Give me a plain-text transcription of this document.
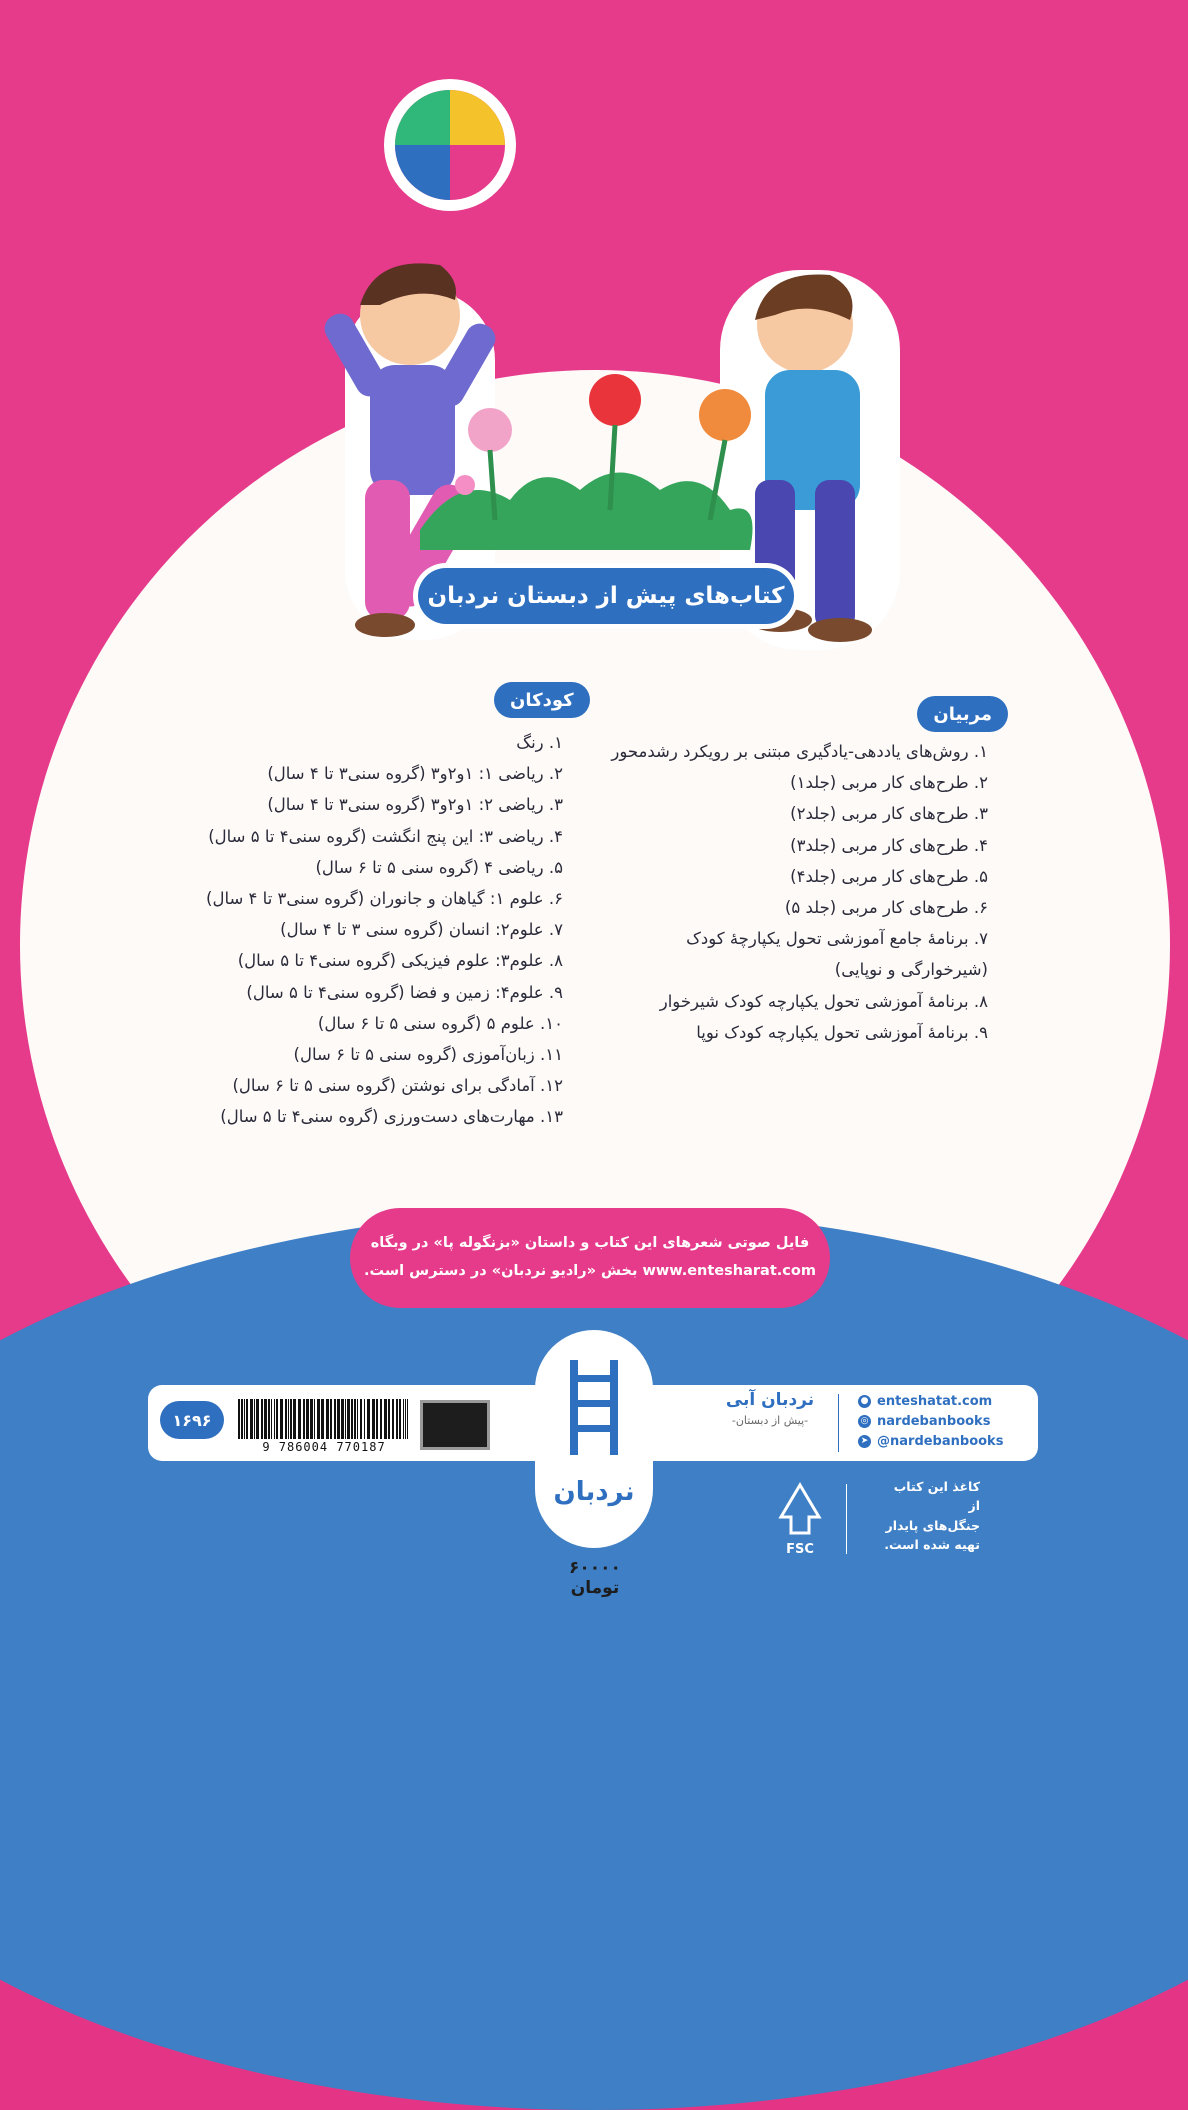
کتاب‌های پیش از دبستان نردبان
مربیان
۱. روش‌های یاددهی-یادگیری مبتنی بر رویکرد رشدمحور
۲. طرح‌های کار مربی (جلد۱)
۳. طرح‌های کار مربی (جلد۲)
۴. طرح‌های کار مربی (جلد۳)
۵. طرح‌های کار مربی (جلد۴)
۶. طرح‌های کار مربی (جلد ۵)
۷. برنامهٔ جامع آموزشی تحول یکپارچهٔ کودک
(شیرخوارگی و نوپایی)
۸. برنامهٔ آموزشی تحول یکپارچه کودک شیرخوار
۹. برنامهٔ آموزشی تحول یکپارچه کودک نوپا
کودکان
۱. رنگ
۲. ریاضی ۱: ۱و۲و۳ (گروه سنی۳ تا ۴ سال)
۳. ریاضی ۲: ۱و۲و۳ (گروه سنی۳ تا ۴ سال)
۴. ریاضی ۳: این پنج انگشت (گروه سنی۴ تا ۵ سال)
۵. ریاضی ۴ (گروه سنی ۵ تا ۶ سال)
۶. علوم ۱: گیاهان و جانوران (گروه سنی۳ تا ۴ سال)
۷. علوم۲: انسان (گروه سنی ۳ تا ۴ سال)
۸. علوم۳: علوم فیزیکی (گروه سنی۴ تا ۵ سال)
۹. علوم۴: زمین و فضا (گروه سنی۴ تا ۵ سال)
۱۰. علوم ۵ (گروه سنی ۵ تا ۶ سال)
۱۱. زبان‌آموزی (گروه سنی ۵ تا ۶ سال)
۱۲. آمادگی برای نوشتن (گروه سنی ۵ تا ۶ سال)
۱۳. مهارت‌های دست‌ورزی (گروه سنی۴ تا ۵ سال)
فایل صوتی شعرهای این کتاب و داستان «بزنگوله پا» در وبگاه
www.entesharat.com بخش «رادیو نردبان» در دسترس است.
نردبان
۱۶۹۶
9 786004 770187
نردبان آبی
-پیش از دبستان-
● enteshatat.com
◎ nardebanbooks
➤ @nardebanbooks
۶۰۰۰۰ تومان
FSC
کاغذ این کتاب از
جنگل‌های پایدار
تهیه شده است.
